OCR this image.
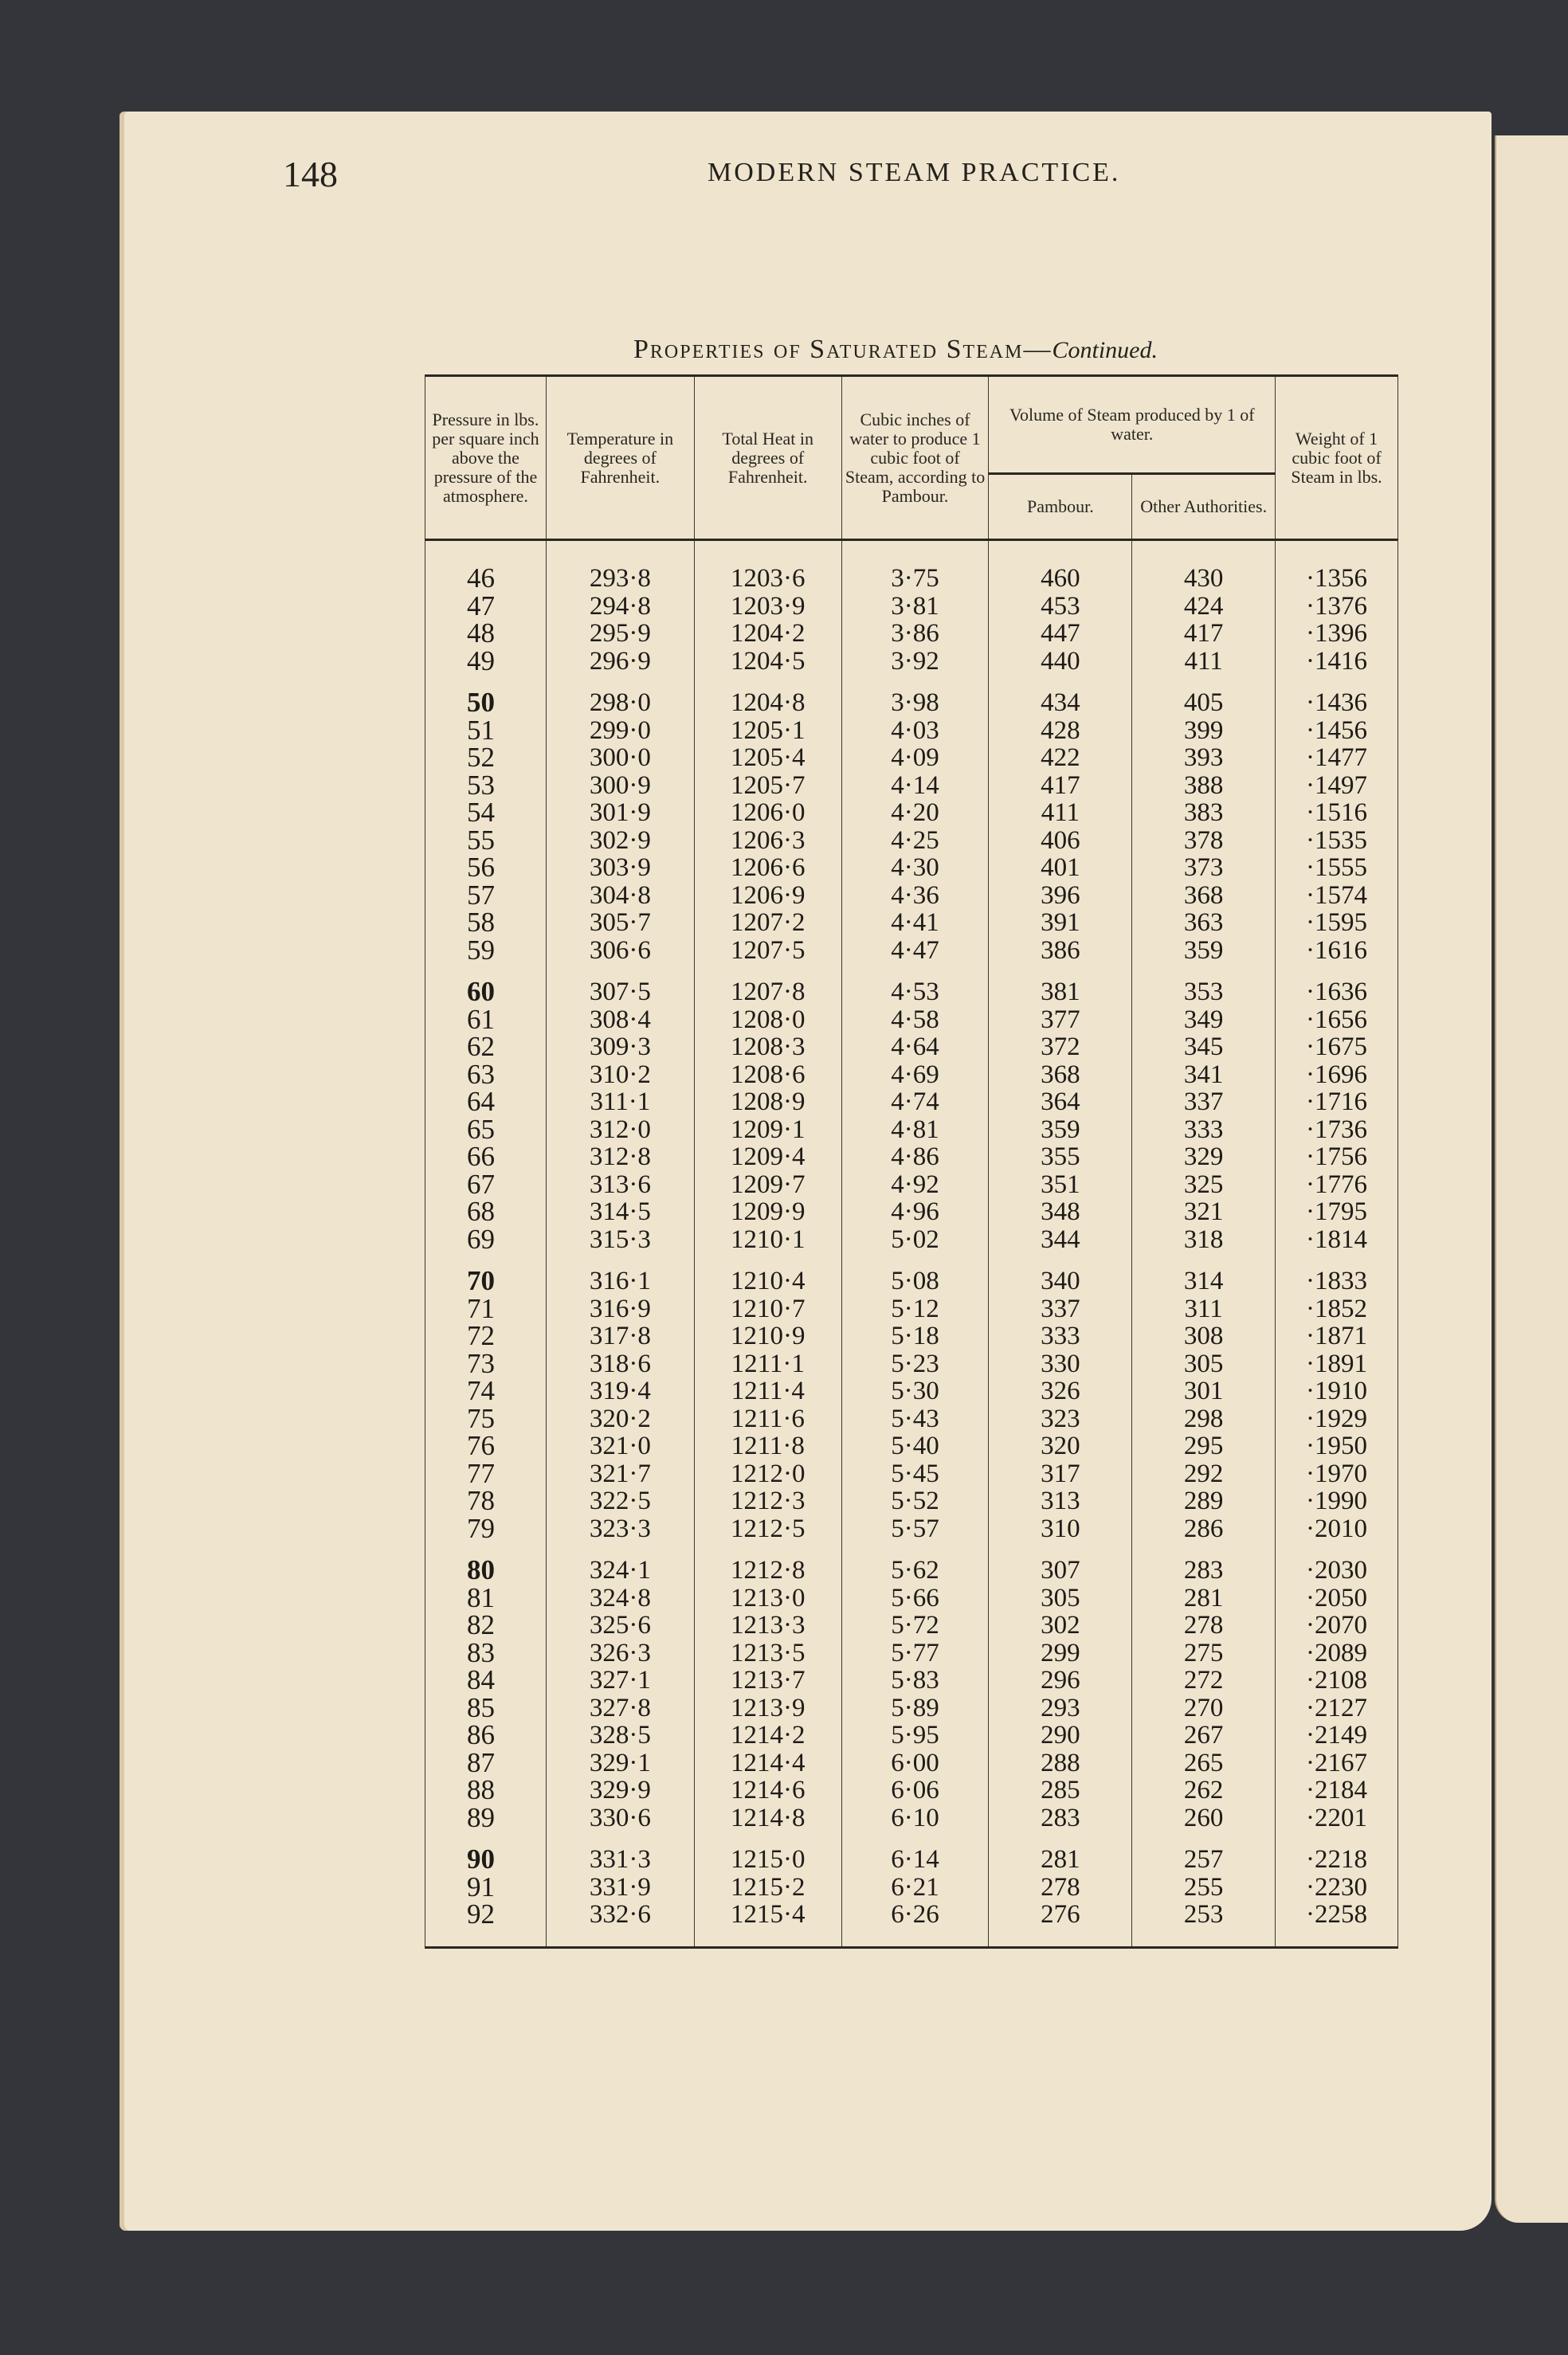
148	MODERN STEAM PRACTICE.
Properties of Saturated Steam—Continued.
Pressure in lbs. per square inch above the pressure of the atmosphere.	Temperature in degrees of Fahrenheit.	Total Heat in degrees of Fahrenheit.	Cubic inches of water to produce 1 cubic foot of Steam, according to Pambour.	Volume of Steam produced by 1 of water.		Weight of 1 cubic foot of Steam in lbs.
				Pambour.	Other Authorities.	
46	293·8	1203·6	3·75	460	430	·1356
47	294·8	1203·9	3·81	453	424	·1376
48	295·9	1204·2	3·86	447	417	·1396
49	296·9	1204·5	3·92	440	411	·1416
50	298·0	1204·8	3·98	434	405	·1436
51	299·0	1205·1	4·03	428	399	·1456
52	300·0	1205·4	4·09	422	393	·1477
53	300·9	1205·7	4·14	417	388	·1497
54	301·9	1206·0	4·20	411	383	·1516
55	302·9	1206·3	4·25	406	378	·1535
56	303·9	1206·6	4·30	401	373	·1555
57	304·8	1206·9	4·36	396	368	·1574
58	305·7	1207·2	4·41	391	363	·1595
59	306·6	1207·5	4·47	386	359	·1616
60	307·5	1207·8	4·53	381	353	·1636
61	308·4	1208·0	4·58	377	349	·1656
62	309·3	1208·3	4·64	372	345	·1675
63	310·2	1208·6	4·69	368	341	·1696
64	311·1	1208·9	4·74	364	337	·1716
65	312·0	1209·1	4·81	359	333	·1736
66	312·8	1209·4	4·86	355	329	·1756
67	313·6	1209·7	4·92	351	325	·1776
68	314·5	1209·9	4·96	348	321	·1795
69	315·3	1210·1	5·02	344	318	·1814
70	316·1	1210·4	5·08	340	314	·1833
71	316·9	1210·7	5·12	337	311	·1852
72	317·8	1210·9	5·18	333	308	·1871
73	318·6	1211·1	5·23	330	305	·1891
74	319·4	1211·4	5·30	326	301	·1910
75	320·2	1211·6	5·43	323	298	·1929
76	321·0	1211·8	5·40	320	295	·1950
77	321·7	1212·0	5·45	317	292	·1970
78	322·5	1212·3	5·52	313	289	·1990
79	323·3	1212·5	5·57	310	286	·2010
80	324·1	1212·8	5·62	307	283	·2030
81	324·8	1213·0	5·66	305	281	·2050
82	325·6	1213·3	5·72	302	278	·2070
83	326·3	1213·5	5·77	299	275	·2089
84	327·1	1213·7	5·83	296	272	·2108
85	327·8	1213·9	5·89	293	270	·2127
86	328·5	1214·2	5·95	290	267	·2149
87	329·1	1214·4	6·00	288	265	·2167
88	329·9	1214·6	6·06	285	262	·2184
89	330·6	1214·8	6·10	283	260	·2201
90	331·3	1215·0	6·14	281	257	·2218
91	331·9	1215·2	6·21	278	255	·2230
92	332·6	1215·4	6·26	276	253	·2258
